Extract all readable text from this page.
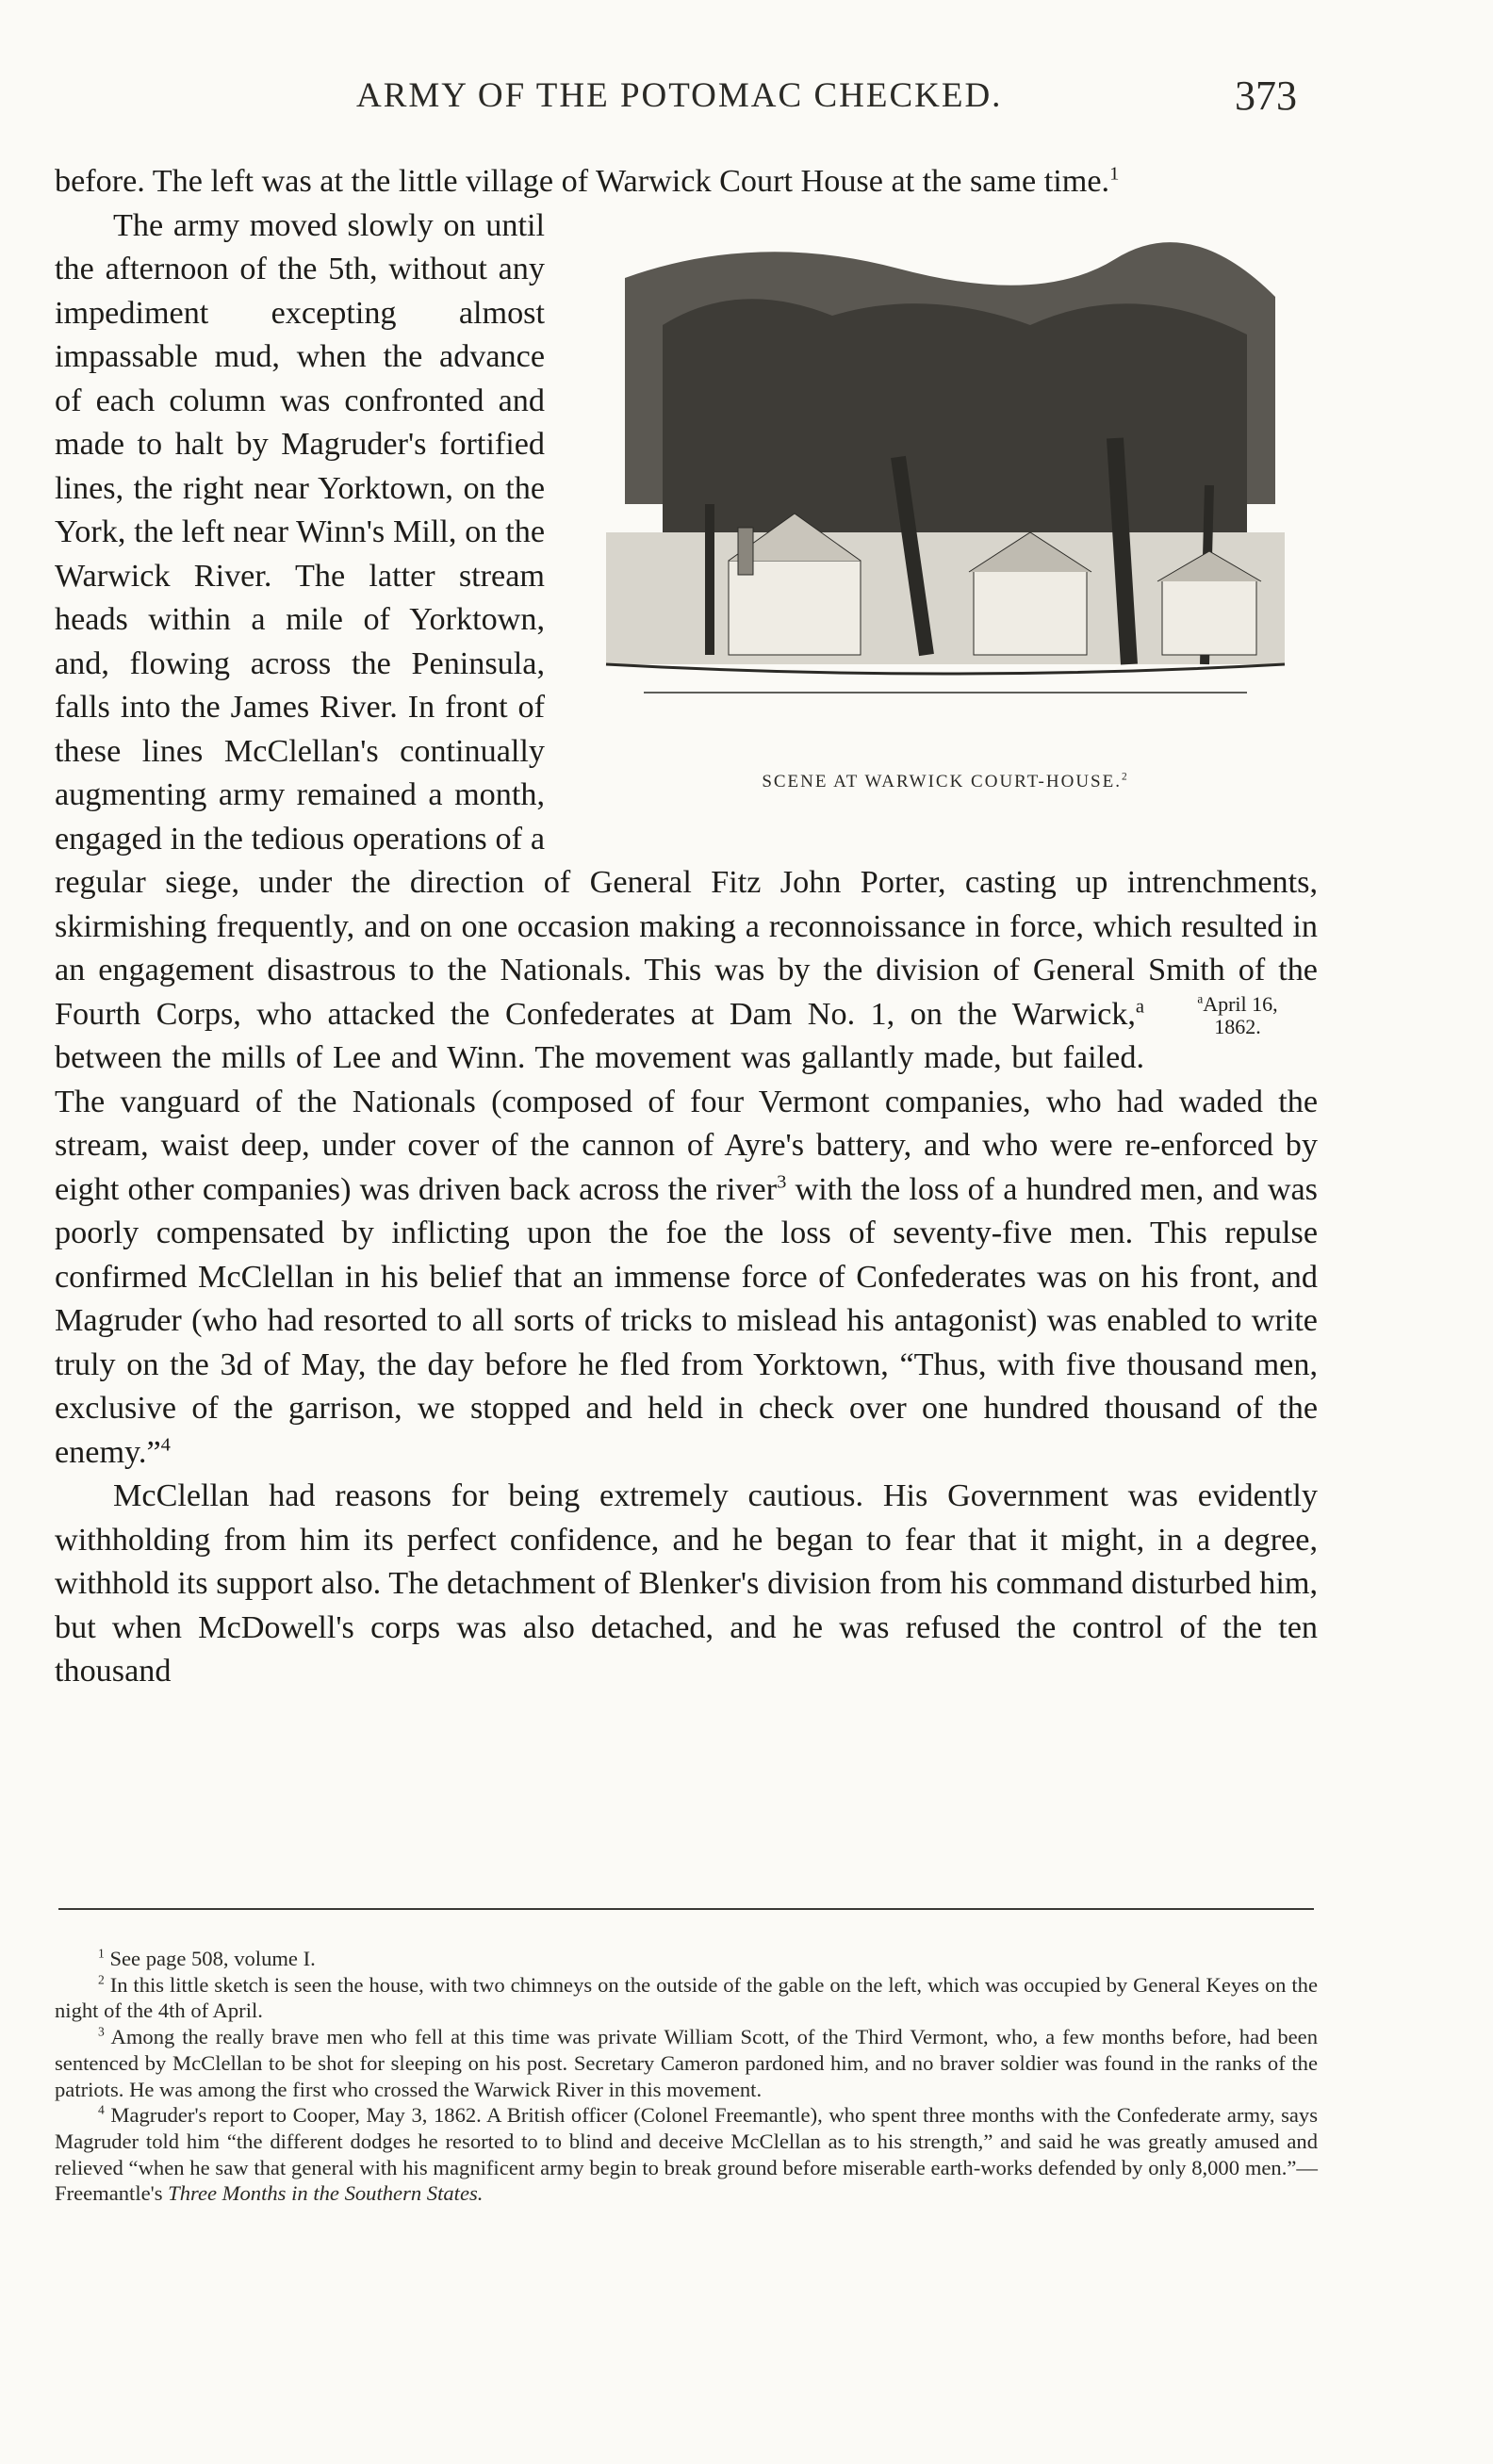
ARMY OF THE POTOMAC CHECKED.	373

before. The left was at the little village of Warwick Court House at the same time.$^1$

SCENE AT WARWICK COURT-HOUSE.$^2$

The army moved slowly on until the afternoon of the 5th, without any impediment excepting almost impassable mud, when the advance of each column was confronted and made to halt by Magruder's fortified lines, the right near Yorktown, on the York, the left near Winn's Mill, on the Warwick River. The latter stream heads within a mile of Yorktown, and, flowing across the Peninsula, falls into the James River. In front of these lines McClellan's continually augmenting army remained a month, engaged in the tedious operations of a regular siege, under the direction of General Fitz John Porter, casting up intrenchments, skirmishing frequently, and on one occasion making a reconnoissance in force, which resulted in an engagement disastrous to the Nationals. This was by the division of General Smith of the Fourth Corps, who attacked the Confederates at Dam No. 1, on the Warwick,$^a$	$^a$April 16,
1862.
between the mills of Lee and Winn. The movement was gallantly made, but failed. The vanguard of the Nationals (composed of four Vermont companies, who had waded the stream, waist deep, under cover of the cannon of Ayre's battery, and who were re-enforced by eight other companies) was driven back across the river$^3$ with the loss of a hundred men, and was poorly compensated by inflicting upon the foe the loss of seventy-five men. This repulse confirmed McClellan in his belief that an immense force of Confederates was on his front, and Magruder (who had resorted to all sorts of tricks to mislead his antagonist) was enabled to write truly on the 3d of May, the day before he fled from Yorktown, “Thus, with five thousand men, exclusive of the garrison, we stopped and held in check over one hundred thousand of the enemy.”$^4$

McClellan had reasons for being extremely cautious. His Government was evidently withholding from him its perfect confidence, and he began to fear that it might, in a degree, withhold its support also. The detachment of Blenker's division from his command disturbed him, but when McDowell's corps was also detached, and he was refused the control of the ten thousand

$^1$ See page 508, volume I.

$^2$ In this little sketch is seen the house, with two chimneys on the outside of the gable on the left, which was occupied by General Keyes on the night of the 4th of April.

$^3$ Among the really brave men who fell at this time was private William Scott, of the Third Vermont, who, a few months before, had been sentenced by McClellan to be shot for sleeping on his post. Secretary Cameron pardoned him, and no braver soldier was found in the ranks of the patriots. He was among the first who crossed the Warwick River in this movement.

$^4$ Magruder's report to Cooper, May 3, 1862. A British officer (Colonel Freemantle), who spent three months with the Confederate army, says Magruder told him “the different dodges he resorted to to blind and deceive McClellan as to his strength,” and said he was greatly amused and relieved “when he saw that general with his magnificent army begin to break ground before miserable earth-works defended by only 8,000 men.”—Freemantle's Three Months in the Southern States.
